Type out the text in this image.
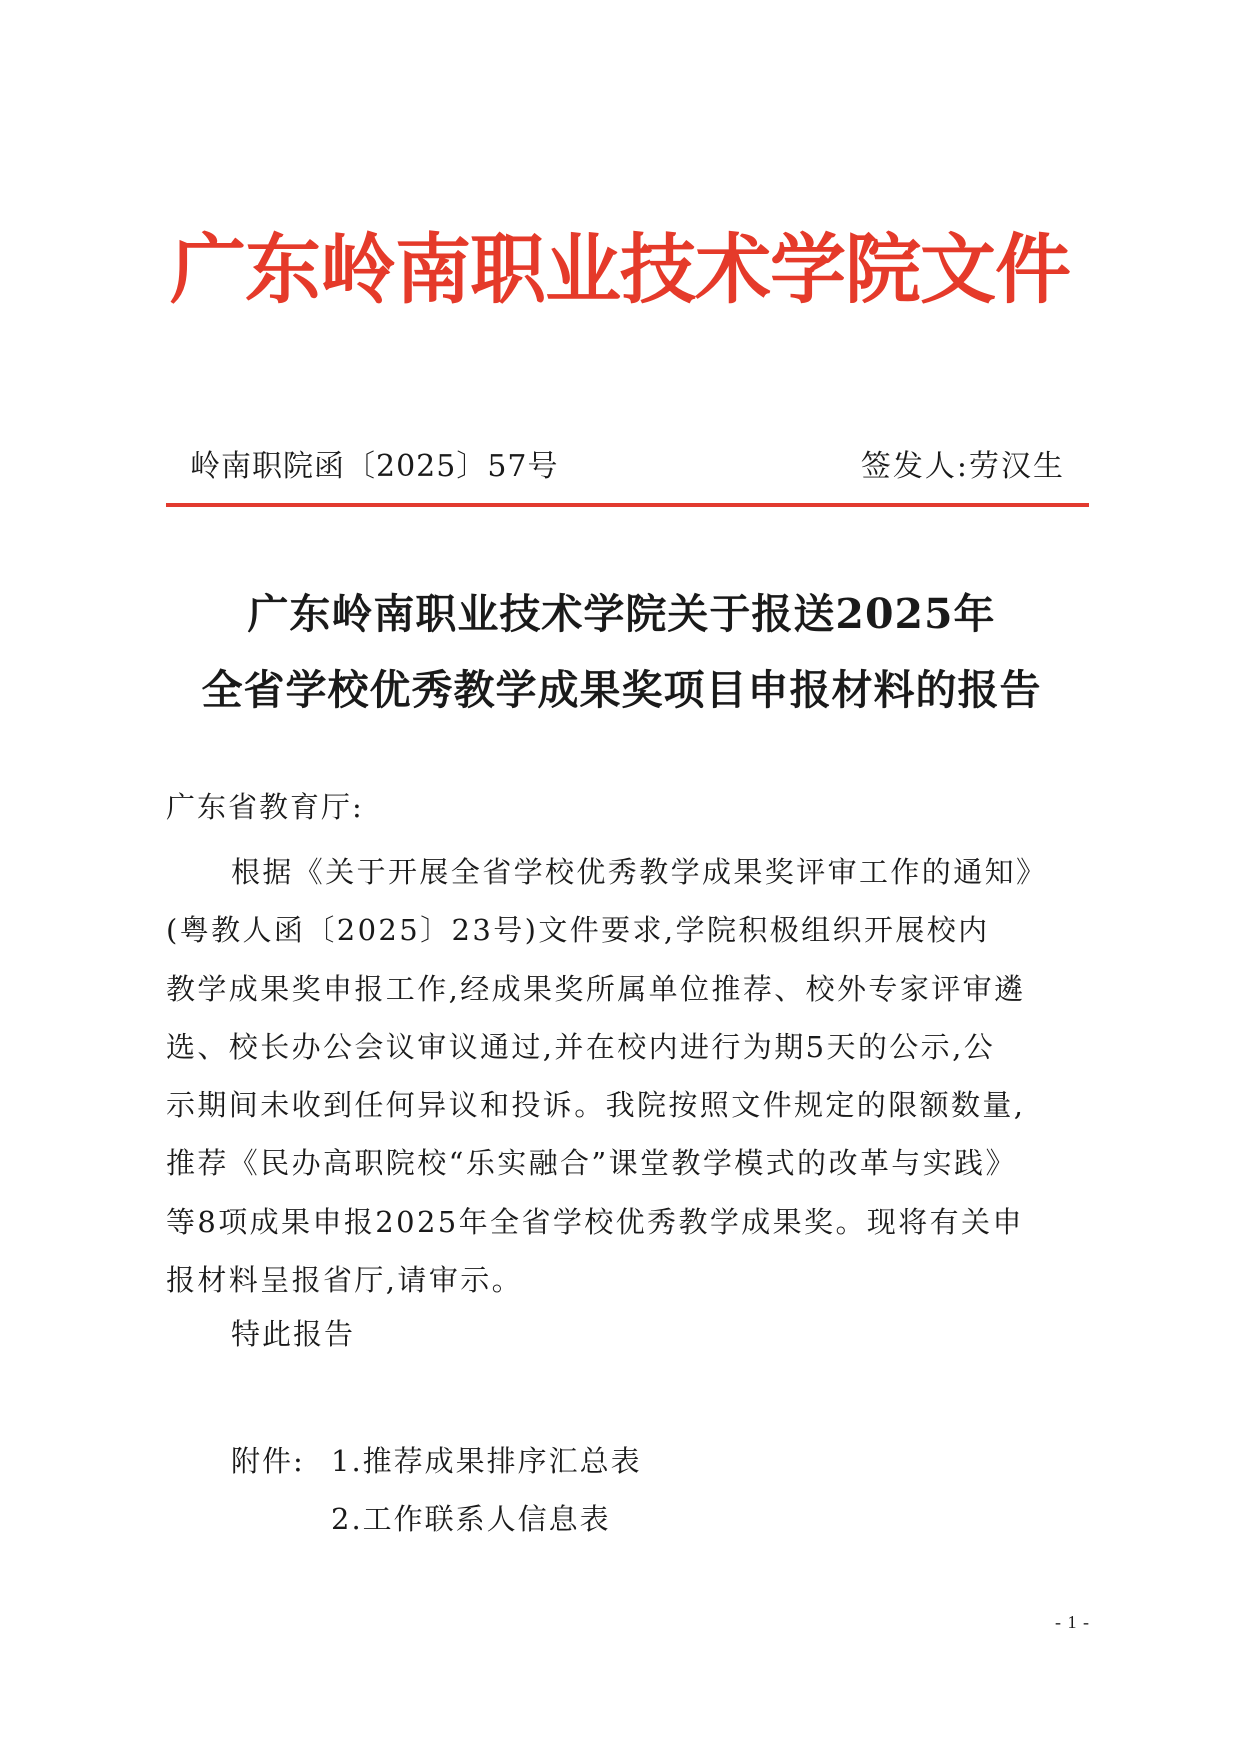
广东岭南职业技术学院文件
岭南职院函〔2025〕57号	签发人:劳汉生
广东岭南职业技术学院关于报送2025年
全省学校优秀教学成果奖项目申报材料的报告
广东省教育厅:
根据《关于开展全省学校优秀教学成果奖评审工作的通知》
(粤教人函〔2025〕23号)文件要求,学院积极组织开展校内
教学成果奖申报工作,经成果奖所属单位推荐、校外专家评审遴
选、校长办公会议审议通过,并在校内进行为期5天的公示,公
示期间未收到任何异议和投诉。我院按照文件规定的限额数量,
推荐《民办高职院校“乐实融合”课堂教学模式的改革与实践》
等8项成果申报2025年全省学校优秀教学成果奖。现将有关申
报材料呈报省厅,请审示。
特此报告
附件: 1.推荐成果排序汇总表
2.工作联系人信息表
- 1 -
